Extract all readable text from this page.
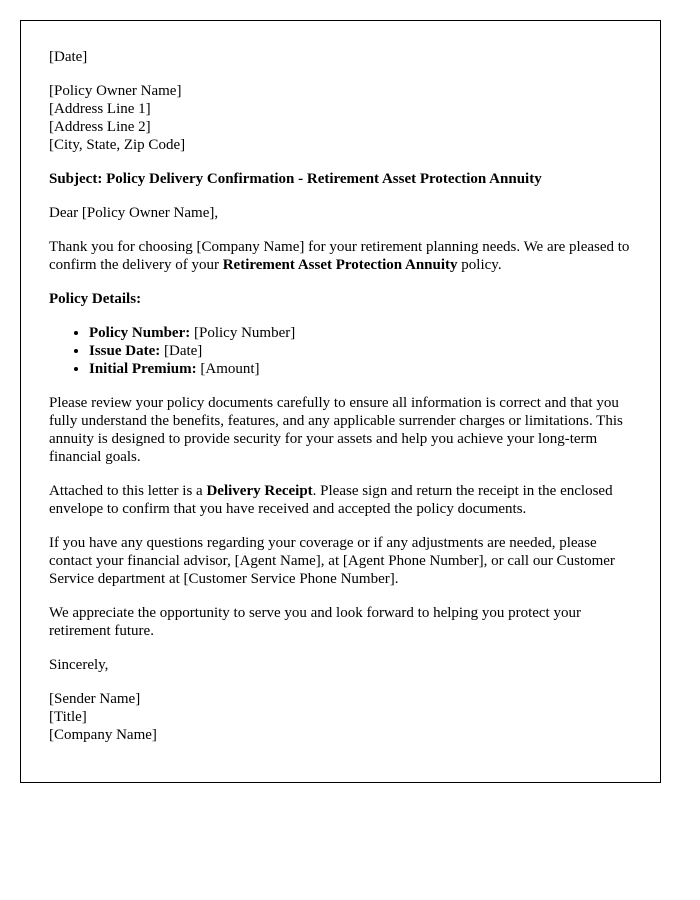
[Date]

[Policy Owner Name]
[Address Line 1]
[Address Line 2]
[City, State, Zip Code]

Subject: Policy Delivery Confirmation - Retirement Asset Protection Annuity

Dear [Policy Owner Name],

Thank you for choosing [Company Name] for your retirement planning needs. We are pleased to confirm the delivery of your Retirement Asset Protection Annuity policy.

Policy Details:

• Policy Number: [Policy Number]
• Issue Date: [Date]
• Initial Premium: [Amount]

Please review your policy documents carefully to ensure all information is correct and that you fully understand the benefits, features, and any applicable surrender charges or limitations. This annuity is designed to provide security for your assets and help you achieve your long-term financial goals.

Attached to this letter is a Delivery Receipt. Please sign and return the receipt in the enclosed envelope to confirm that you have received and accepted the policy documents.

If you have any questions regarding your coverage or if any adjustments are needed, please contact your financial advisor, [Agent Name], at [Agent Phone Number], or call our Customer Service department at [Customer Service Phone Number].

We appreciate the opportunity to serve you and look forward to helping you protect your retirement future.

Sincerely,

[Sender Name]
[Title]
[Company Name]
